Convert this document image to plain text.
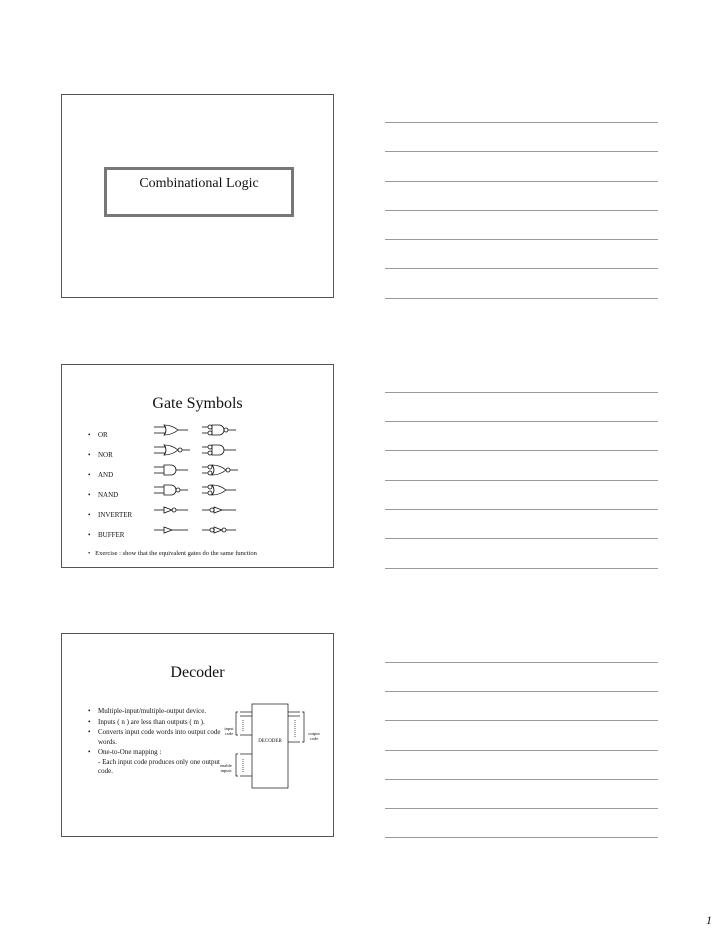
Combinational Logic
Gate Symbols
• OR
• NOR
• AND
• NAND
• INVERTER
• BUFFER
•   Exercise : show that the equivalent gates do the same function
Decoder
• Multiple-input/multiple-output device.
• Inputs ( n ) are less than outputs ( m ).
• Converts input code words into output code words.
• One-to-One mapping :
- Each input code produces only one output code.
input code	output code
DECODER
enable inputs
1
